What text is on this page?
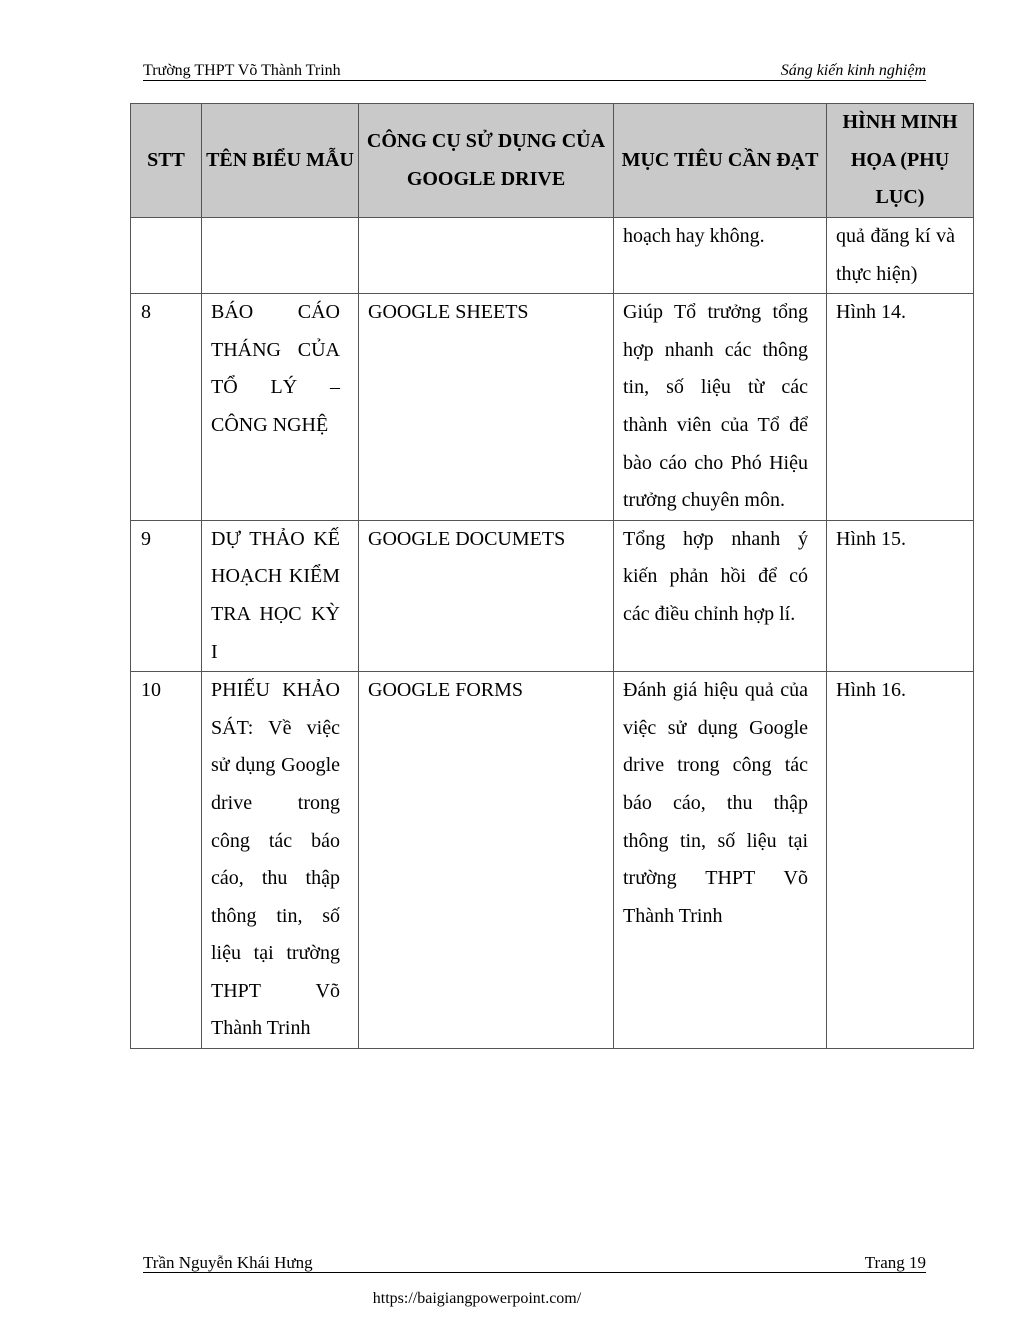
Trường THPT Võ Thành Trinh	Sáng kiến kinh nghiệm
STT	TÊN BIỂU MẪU	CÔNG CỤ SỬ DỤNG CỦA GOOGLE DRIVE	MỤC TIÊU CẦN ĐẠT	HÌNH MINH HỌA (PHỤ LỤC)
			hoạch hay không.	quả đăng kí và thực hiện)
8	BÁO CÁO THÁNG CỦA TỔ LÝ – CÔNG NGHỆ	GOOGLE SHEETS	Giúp Tổ trưởng tổng hợp nhanh các thông tin, số liệu từ các thành viên của Tổ để bào cáo cho Phó Hiệu trưởng chuyên môn.	Hình 14.
9	DỰ THẢO KẾ HOẠCH KIỂM TRA HỌC KỲ I	GOOGLE DOCUMETS	Tổng hợp nhanh ý kiến phản hồi để có các điều chỉnh hợp lí.	Hình 15.
10	PHIẾU KHẢO SÁT: Về việc sử dụng Google drive trong công tác báo cáo, thu thập thông tin, số liệu tại trường THPT Võ Thành Trinh	GOOGLE FORMS	Đánh giá hiệu quả của việc sử dụng Google drive trong công tác báo cáo, thu thập thông tin, số liệu tại trường THPT Võ Thành Trinh	Hình 16.
Trần Nguyễn Khái Hưng	Trang 19
https://baigiangpowerpoint.com/
